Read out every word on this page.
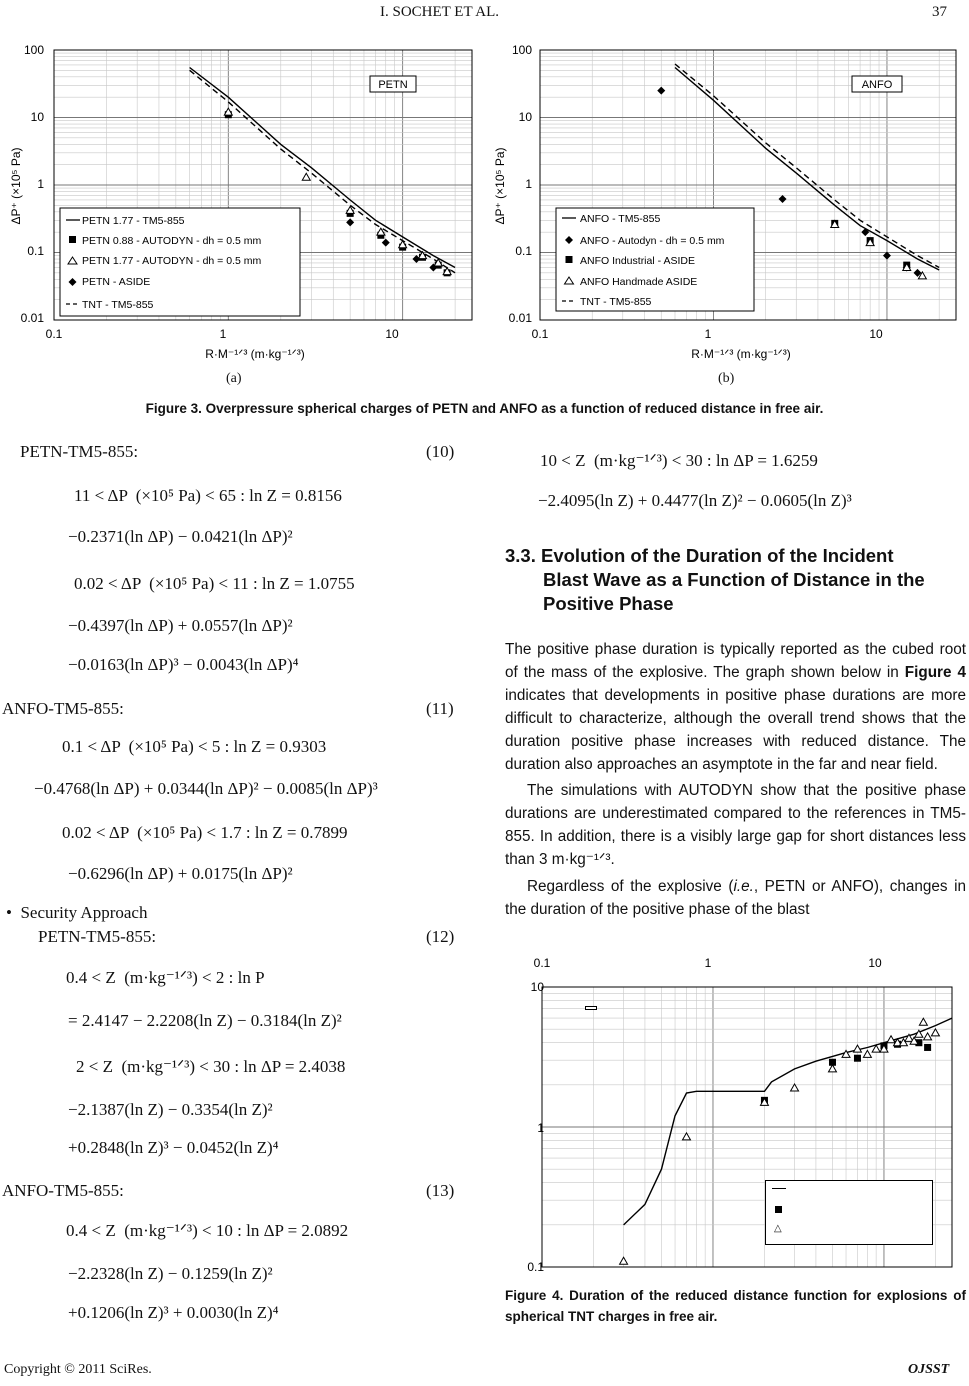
I. SOCHET ET AL.	37
100
10
1
0.1
0.01
0.1	1	10
R·M⁻¹ᐟ³ (m·kg⁻¹ᐟ³)
ΔP⁺ (×10⁵ Pa)
PETN
PETN 1.77 - TM5-855
PETN 0.88 - AUTODYN - dh = 0.5 mm
PETN 1.77 - AUTODYN - dh = 0.5 mm
PETN - ASIDE
TNT - TM5-855
100
10
1
0.1
0.01
0.1	1	10
R·M⁻¹ᐟ³ (m·kg⁻¹ᐟ³)
ΔP⁺ (×10⁵ Pa)
ANFO
ANFO - TM5-855
ANFO - Autodyn - dh = 0.5 mm
ANFO Industrial - ASIDE
ANFO Handmade ASIDE
TNT - TM5-855
(a)	(b)
Figure 3. Overpressure spherical charges of PETN and ANFO as a function of reduced distance in free air.
PETN-TM5-855:	(10)
11 < ΔP  (×10⁵ Pa) < 65 : ln Z = 0.8156
−0.2371(ln ΔP) − 0.0421(ln ΔP)²
0.02 < ΔP  (×10⁵ Pa) < 11 : ln Z = 1.0755
−0.4397(ln ΔP) + 0.0557(ln ΔP)²
−0.0163(ln ΔP)³ − 0.0043(ln ΔP)⁴
ANFO-TM5-855:	(11)
0.1 < ΔP  (×10⁵ Pa) < 5 : ln Z = 0.9303
−0.4768(ln ΔP) + 0.0344(ln ΔP)² − 0.0085(ln ΔP)³
0.02 < ΔP  (×10⁵ Pa) < 1.7 : ln Z = 0.7899
−0.6296(ln ΔP) + 0.0175(ln ΔP)²
•  Security Approach
PETN-TM5-855:	(12)
0.4 < Z  (m·kg⁻¹ᐟ³) < 2 : ln P
= 2.4147 − 2.2208(ln Z) − 0.3184(ln Z)²
2 < Z  (m·kg⁻¹ᐟ³) < 30 : ln ΔP = 2.4038
−2.1387(ln Z) − 0.3354(ln Z)²
+0.2848(ln Z)³ − 0.0452(ln Z)⁴
ANFO-TM5-855:	(13)
0.4 < Z  (m·kg⁻¹ᐟ³) < 10 : ln ΔP = 2.0892
−2.2328(ln Z) − 0.1259(ln Z)²
+0.1206(ln Z)³ + 0.0030(ln Z)⁴
10 < Z  (m·kg⁻¹ᐟ³) < 30 : ln ΔP = 1.6259
−2.4095(ln Z) + 0.4477(ln Z)² − 0.0605(ln Z)³
3.3. Evolution of the Duration of the Incident
Blast Wave as a Function of Distance in the
Positive Phase

The positive phase duration is typically reported as the cubed root of the mass of the explosive. The graph shown below in Figure 4 indicates that developments in positive phase durations are more difficult to characterize, although the overall trend shows that the duration positive phase increases with reduced distance. The duration also approaches an asymptote in the far and near field.

The simulations with AUTODYN show that the positive phase durations are underestimated compared to the references in TM5-855. In addition, there is a visibly large gap for short distances less than 3 m·kg⁻¹ᐟ³.

Regardless of the explosive (i.e., PETN or ANFO), changes in the duration of the positive phase of the blast

10
1
0.1
0.1	1	10
Figure 4. Duration of the reduced distance function for explosions of spherical TNT charges in free air.
Copyright © 2011 SciRes.	OJSST
△
